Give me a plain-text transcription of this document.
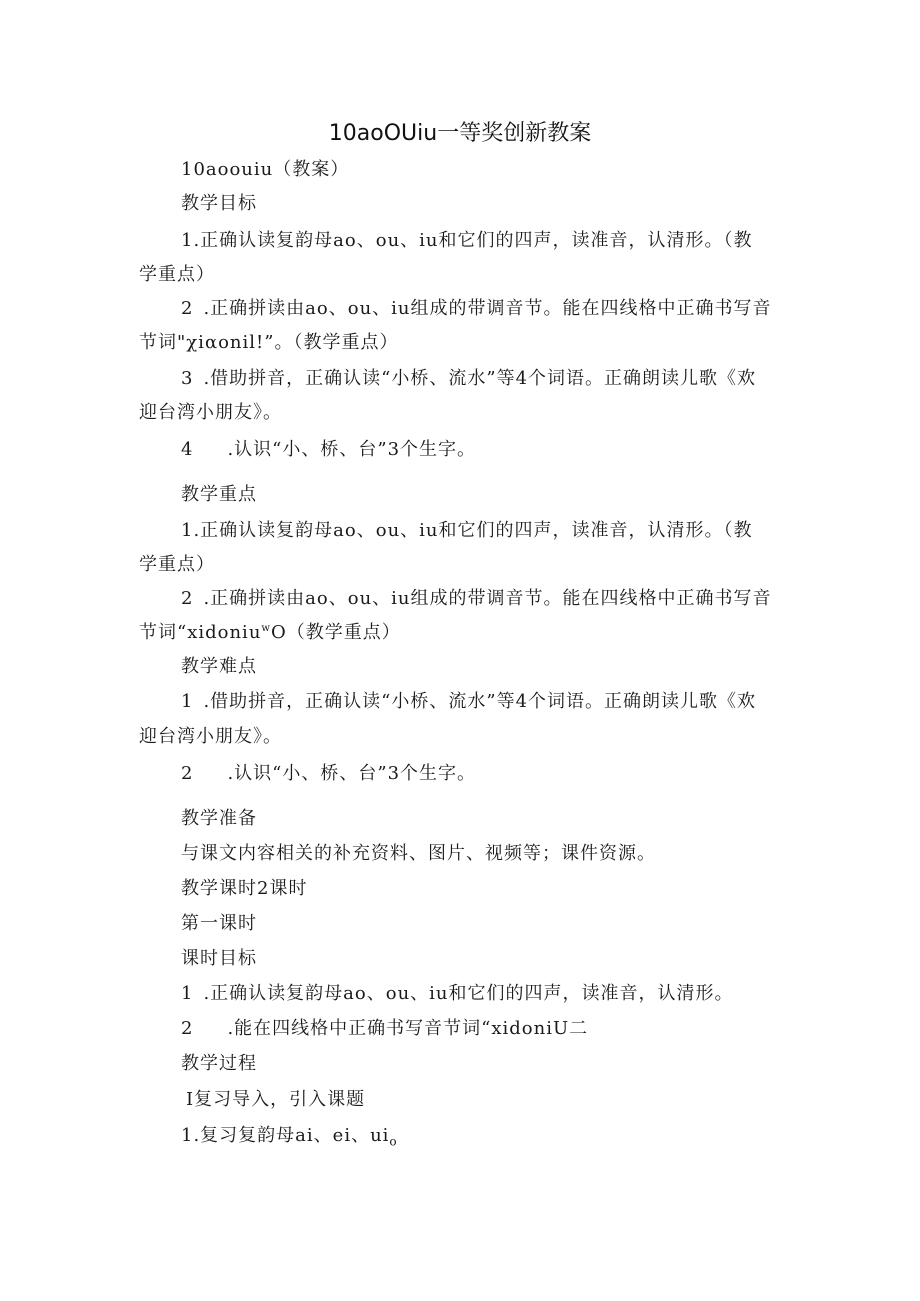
10aoOUiu一等奖创新教案
10aoouiu（教案）
教学目标
1.正确认读复韵母ao、ou、iu和它们的四声，读准音，认清形。（教
学重点）
2 .正确拼读由ao、ou、iu组成的带调音节。能在四线格中正确书写音
节词"χiαonil!”。（教学重点）
3 .借助拼音，正确认读“小桥、流水”等4个词语。正确朗读儿歌《欢
迎台湾小朋友》。
4 .认识“小、桥、台”3个生字。
教学重点
1.正确认读复韵母ao、ou、iu和它们的四声，读准音，认清形。（教
学重点）
2 .正确拼读由ao、ou、iu组成的带调音节。能在四线格中正确书写音
节词“xidoniu$^w$O（教学重点）
教学难点
1 .借助拼音，正确认读“小桥、流水”等4个词语。正确朗读儿歌《欢
迎台湾小朋友》。
2 .认识“小、桥、台”3个生字。
教学准备
与课文内容相关的补充资料、图片、视频等；课件资源。
教学课时2课时
第一课时
课时目标
1 .正确认读复韵母ao、ou、iu和它们的四声，读准音，认清形。
2 .能在四线格中正确书写音节词“xidoniU二
教学过程
I复习导入，引入课题
1.复习复韵母ai、ei、$ui_o$
